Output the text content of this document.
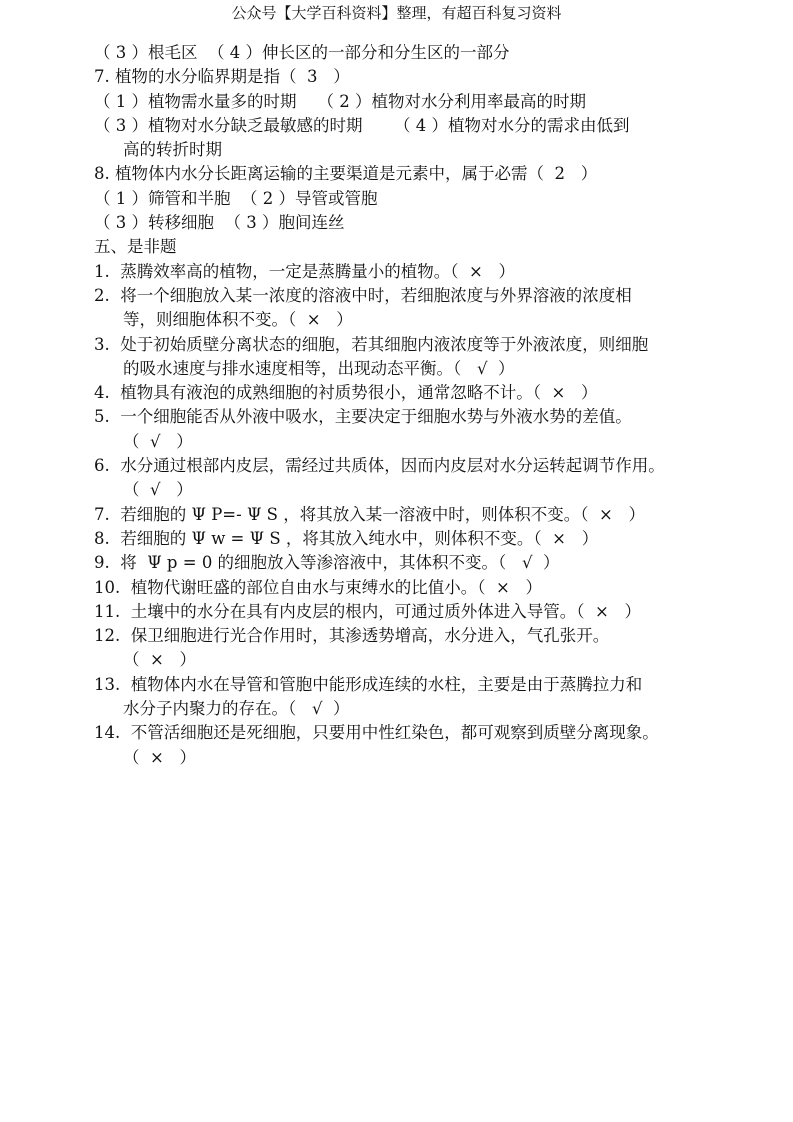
公众号【大学百科资料】整理，有超百科复习资料
（ 3 ）根毛区  （ 4 ）伸长区的一部分和分生区的一部分
7. 植物的水分临界期是指（  3   ）
（ 1 ）植物需水量多的时期    （ 2 ）植物对水分利用率最高的时期
（ 3 ）植物对水分缺乏最敏感的时期      （ 4 ）植物对水分的需求由低到
高的转折时期
8. 植物体内水分长距离运输的主要渠道是元素中，属于必需（  2   ）
（ 1 ）筛管和半胞  （ 2 ）导管或管胞
（ 3 ）转移细胞  （ 3 ）胞间连丝
五、是非题
1.  蒸腾效率高的植物，一定是蒸腾量小的植物。（  ×   ）
2.  将一个细胞放入某一浓度的溶液中时，若细胞浓度与外界溶液的浓度相
等，则细胞体积不变。（  ×   ）
3.  处于初始质壁分离状态的细胞，若其细胞内液浓度等于外液浓度，则细胞
的吸水速度与排水速度相等，出现动态平衡。（   √  ）
4.  植物具有液泡的成熟细胞的衬质势很小，通常忽略不计。（  ×   ）
5.  一个细胞能否从外液中吸水，主要决定于细胞水势与外液水势的差值。
（  √   ）
6.  水分通过根部内皮层，需经过共质体，因而内皮层对水分运转起调节作用。
（  √   ）
7.  若细胞的 Ψ P=- Ψ S ，将其放入某一溶液中时，则体积不变。（  ×   ）
8.  若细胞的 Ψ w = Ψ S ，将其放入纯水中，则体积不变。（  ×   ）
9.  将  Ψ p = 0 的细胞放入等渗溶液中，其体积不变。（   √  ）
10.  植物代谢旺盛的部位自由水与束缚水的比值小。（  ×   ）
11.  土壤中的水分在具有内皮层的根内，可通过质外体进入导管。（  ×   ）
12.  保卫细胞进行光合作用时，其渗透势增高，水分进入，气孔张开。
（  ×   ）
13.  植物体内水在导管和管胞中能形成连续的水柱，主要是由于蒸腾拉力和
水分子内聚力的存在。（   √  ）
14.  不管活细胞还是死细胞，只要用中性红染色，都可观察到质壁分离现象。
（  ×   ）
